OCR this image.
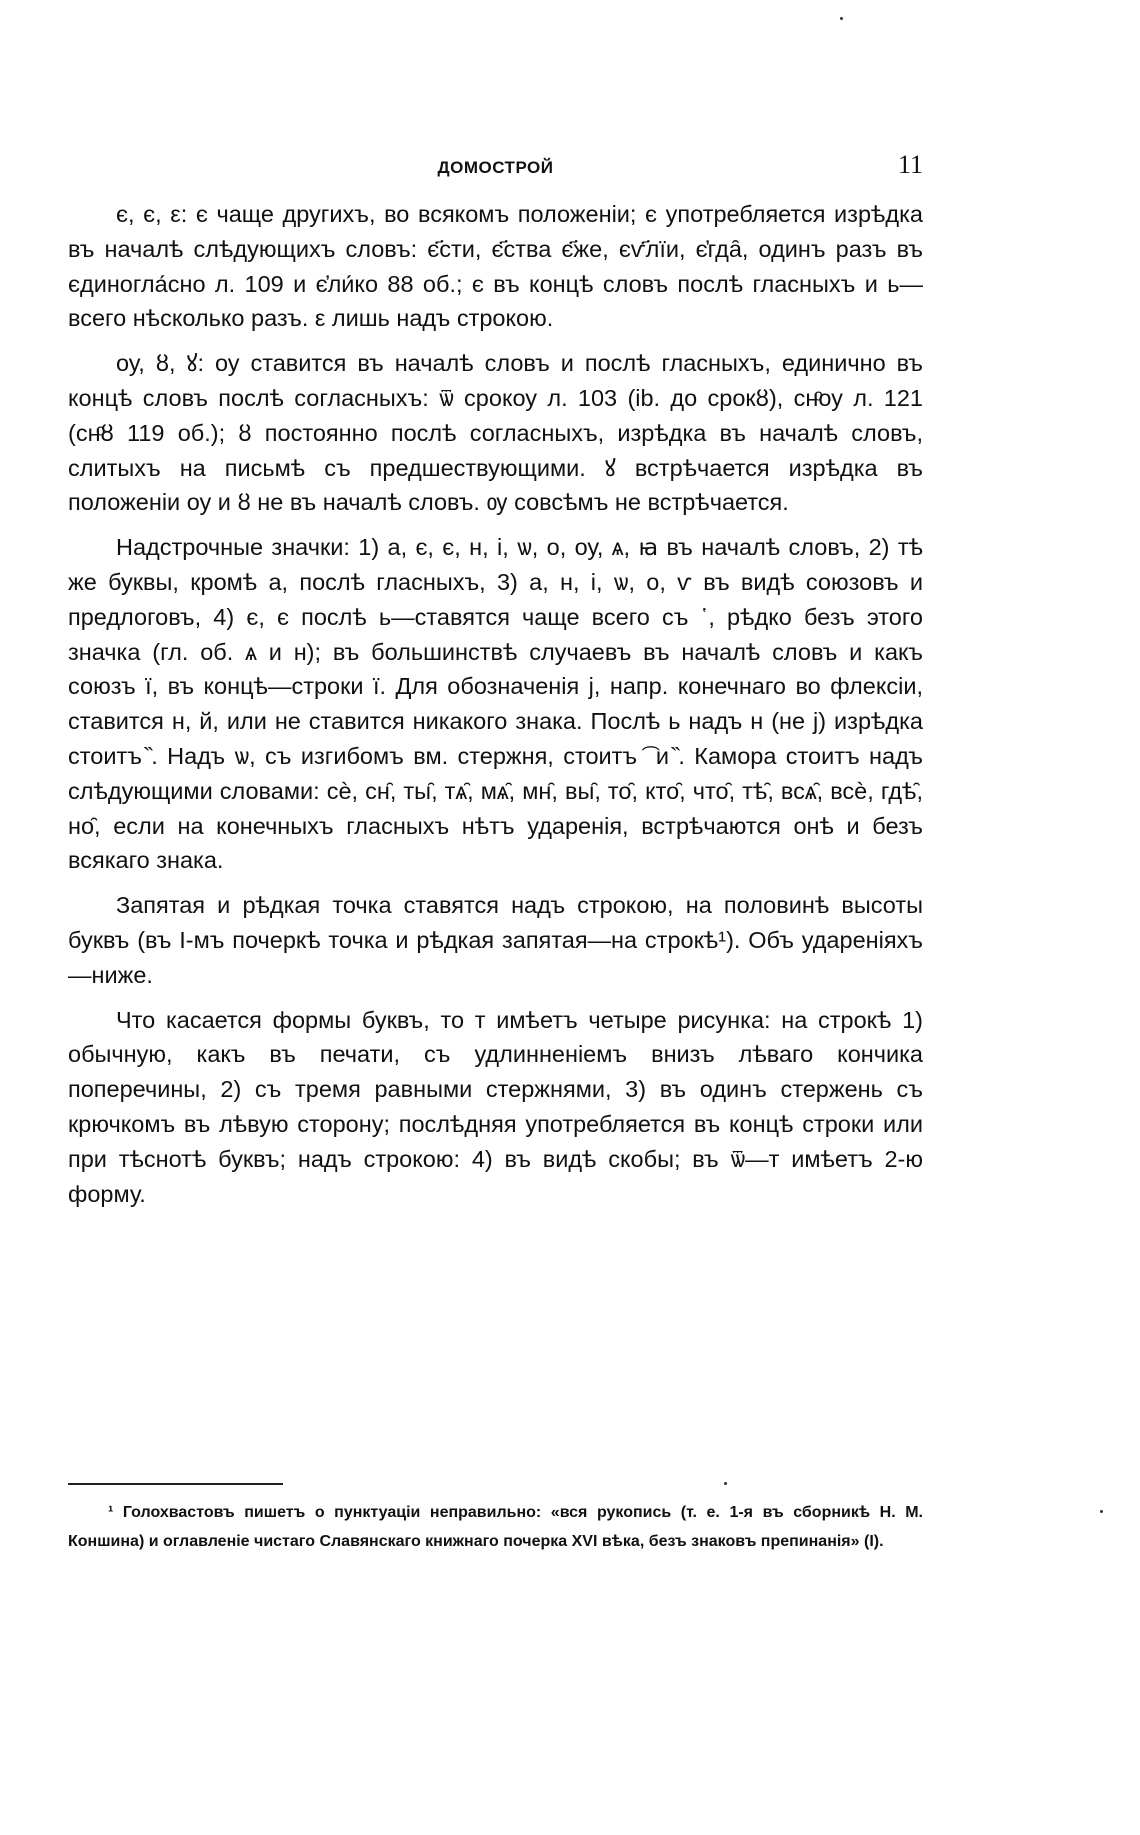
ДОМОСТРОЙ	11

є, є, ε: є чаще другихъ, во всякомъ положеніи; є употребляется изрѣдка въ началѣ слѣдующихъ словъ: є҃сти, є҃ства є҃же, єѵ҃лїи, є҆гдȃ, одинъ разъ въ єдиногла́сно л. 109 и є҆ли́ко 88 об.; є въ концѣ словъ послѣ гласныхъ и ь—всего нѣсколько разъ. ε лишь надъ строкою.

оу, ȣ, ꙋ: оу ставится въ началѣ словъ и послѣ гласныхъ, единично въ концѣ словъ послѣ согласныхъ: ѿ срокоу л. 103 (ib. до срокȣ), снͦоу л. 121 (снͦȣ 119 об.); ȣ постоянно послѣ согласныхъ, изрѣдка въ началѣ словъ, слитыхъ на письмѣ съ предшествующими. ꙋ встрѣчается изрѣдка въ положеніи оу и ȣ не въ началѣ словъ. ѹ совсѣмъ не встрѣчается.

Надстрочные значки: 1) а, є, є, н, і, ѡ, о, оу, ѧ, ꙗ въ началѣ словъ, 2) тѣ же буквы, кромѣ а, послѣ гласныхъ, 3) а, н, і, ѡ, о, ѵ въ видѣ союзовъ и предлоговъ, 4) є, є послѣ ь—ставятся чаще всего съ ῾, рѣдко безъ этого значка (гл. об. ѧ и н); въ большинствѣ случаевъ въ началѣ словъ и какъ союзъ ї, въ концѣ—строки ї. Для обозначенія j, напр. конечнаго во флексіи, ставится н, й, или не ставится никакого знака. Послѣ ь надъ н (не j) изрѣдка стоитъ ̏. Надъ ѡ, съ изгибомъ вм. стержня, стоитъ ͡ и ̏. Камора стоитъ надъ слѣдующими словами: сѐ, сн̑, ты̑, тѧ̑, мѧ̑, мн̑, вы̑, то̑, кто̑, что̑, тѣ̑, всѧ̑, всѐ, гдѣ̑, но̑, если на конечныхъ гласныхъ нѣтъ ударенія, встрѣчаются онѣ и безъ всякаго знака.

Запятая и рѣдкая точка ставятся надъ строкою, на половинѣ высоты буквъ (въ I-мъ почеркѣ точка и рѣдкая запятая—на строкѣ¹). Объ удареніяхъ—ниже.

Что касается формы буквъ, то т имѣетъ четыре рисунка: на строкѣ 1) обычную, какъ въ печати, съ удлинненіемъ внизъ лѣваго кончика поперечины, 2) съ тремя равными стержнями, 3) въ одинъ стержень съ крючкомъ въ лѣвую сторону; послѣдняя употребляется въ концѣ строки или при тѣснотѣ буквъ; надъ строкою: 4) въ видѣ скобы; въ ѿ—т имѣетъ 2-ю форму.

¹ Голохвастовъ пишетъ о пунктуаціи неправильно: «вся рукопись (т. е. 1-я въ сборникѣ Н. М. Коншина) и оглавленіе чистаго Славянскаго книжнаго почерка XVI вѣка, безъ знаковъ препинанія» (I).
